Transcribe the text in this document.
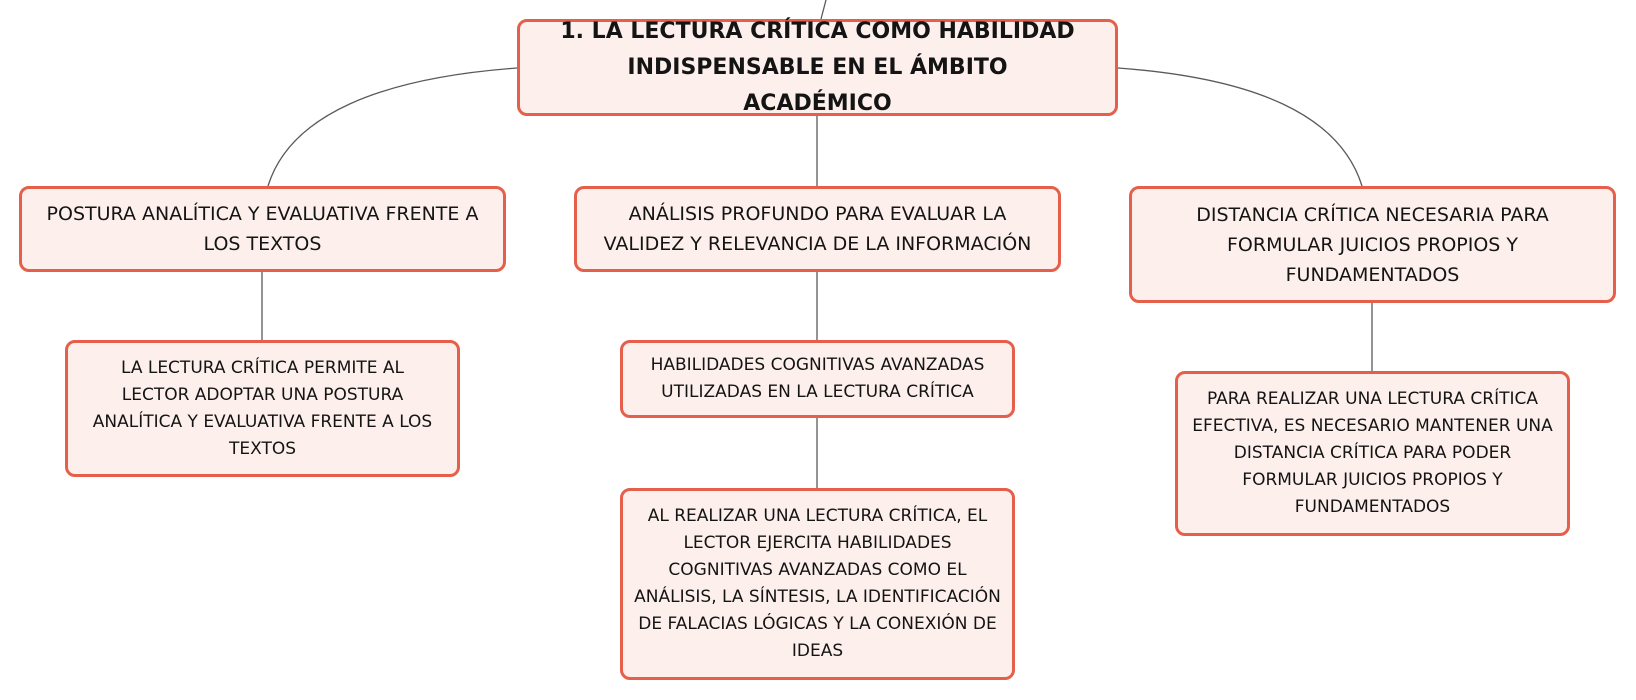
1. LA LECTURA CRÍTICA COMO HABILIDAD INDISPENSABLE EN EL ÁMBITO ACADÉMICO
POSTURA ANALÍTICA Y EVALUATIVA FRENTE A LOS TEXTOS
ANÁLISIS PROFUNDO PARA EVALUAR LA VALIDEZ Y RELEVANCIA DE LA INFORMACIÓN
DISTANCIA CRÍTICA NECESARIA PARA FORMULAR JUICIOS PROPIOS Y FUNDAMENTADOS
LA LECTURA CRÍTICA PERMITE AL LECTOR ADOPTAR UNA POSTURA ANALÍTICA Y EVALUATIVA FRENTE A LOS TEXTOS
HABILIDADES COGNITIVAS AVANZADAS UTILIZADAS EN LA LECTURA CRÍTICA
AL REALIZAR UNA LECTURA CRÍTICA, EL LECTOR EJERCITA HABILIDADES COGNITIVAS AVANZADAS COMO EL ANÁLISIS, LA SÍNTESIS, LA IDENTIFICACIÓN DE FALACIAS LÓGICAS Y LA CONEXIÓN DE IDEAS
PARA REALIZAR UNA LECTURA CRÍTICA EFECTIVA, ES NECESARIO MANTENER UNA DISTANCIA CRÍTICA PARA PODER FORMULAR JUICIOS PROPIOS Y FUNDAMENTADOS
